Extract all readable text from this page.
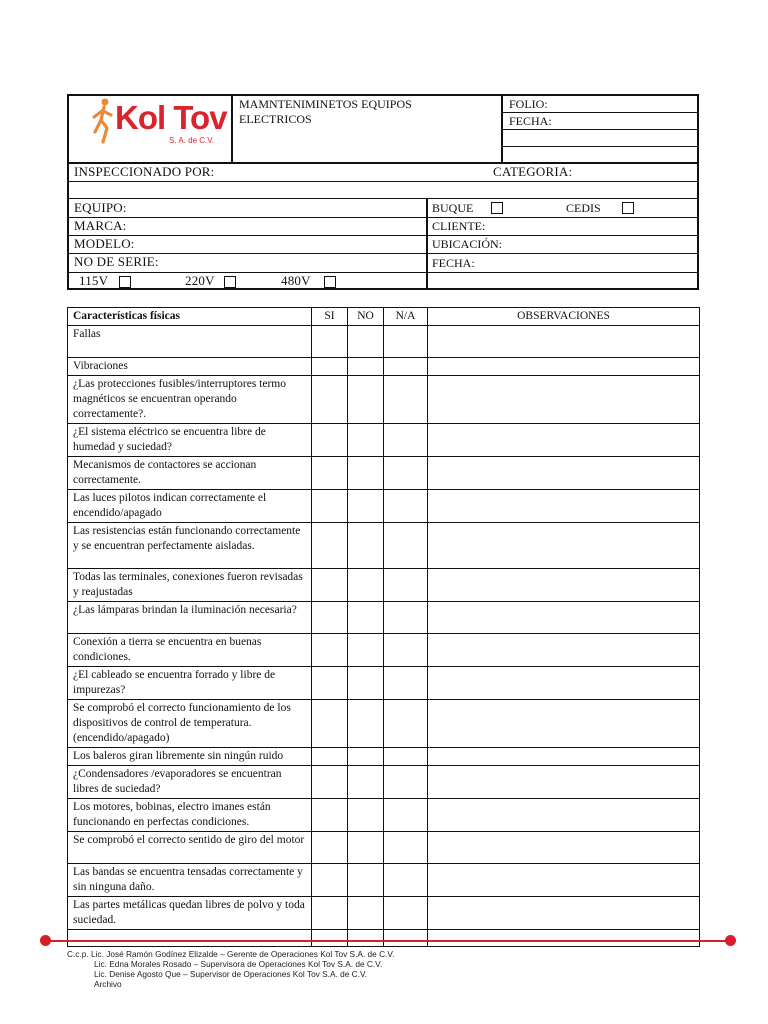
Kol Tov
S. A. de C.V.
MAMNTENIMINETOS EQUIPOS
ELECTRICOS
FOLIO:
FECHA:
INSPECCIONADO POR:	CATEGORIA:
EQUIPO:
MARCA:
MODELO:
NO DE SERIE:
BUQUE	CEDIS
CLIENTE:
UBICACIÓN:
FECHA:
115V	220V	480V
Características físicas	SI	NO	N/A	OBSERVACIONES
Fallas				
Vibraciones				
¿Las protecciones fusibles/interruptores termo magnéticos se encuentran operando correctamente?.				
¿El sistema eléctrico se encuentra libre de humedad y suciedad?				
Mecanismos de contactores se accionan correctamente.				
Las luces pilotos indican correctamente el encendido/apagado				
Las resistencias están funcionando correctamente y se encuentran perfectamente aisladas.				
Todas las terminales, conexiones fueron revisadas y reajustadas				
¿Las lámparas brindan la iluminación necesaria?				
Conexión a tierra se encuentra en buenas condiciones.				
¿El cableado se encuentra forrado y libre de impurezas?				
Se comprobó el correcto funcionamiento de los dispositivos de control de temperatura. (encendido/apagado)				
Los baleros giran libremente sin ningún ruido				
¿Condensadores /evaporadores se encuentran libres de suciedad?				
Los motores, bobinas, electro imanes están funcionando en perfectas condiciones.				
Se comprobó el correcto sentido de giro del motor				
Las bandas se encuentra tensadas correctamente y sin ninguna daño.				
Las partes metálicas quedan libres de polvo y toda suciedad.				

C.c.p. Lic. José Ramón Godínez Elizalde – Gerente de Operaciones Kol Tov S.A. de C.V.
Lic. Edna Morales Rosado – Supervisora de Operaciones Kol Tov S.A. de C.V.
Lic. Denise Agosto Que – Supervisor de Operaciones Kol Tov S.A. de C.V.
Archivo
